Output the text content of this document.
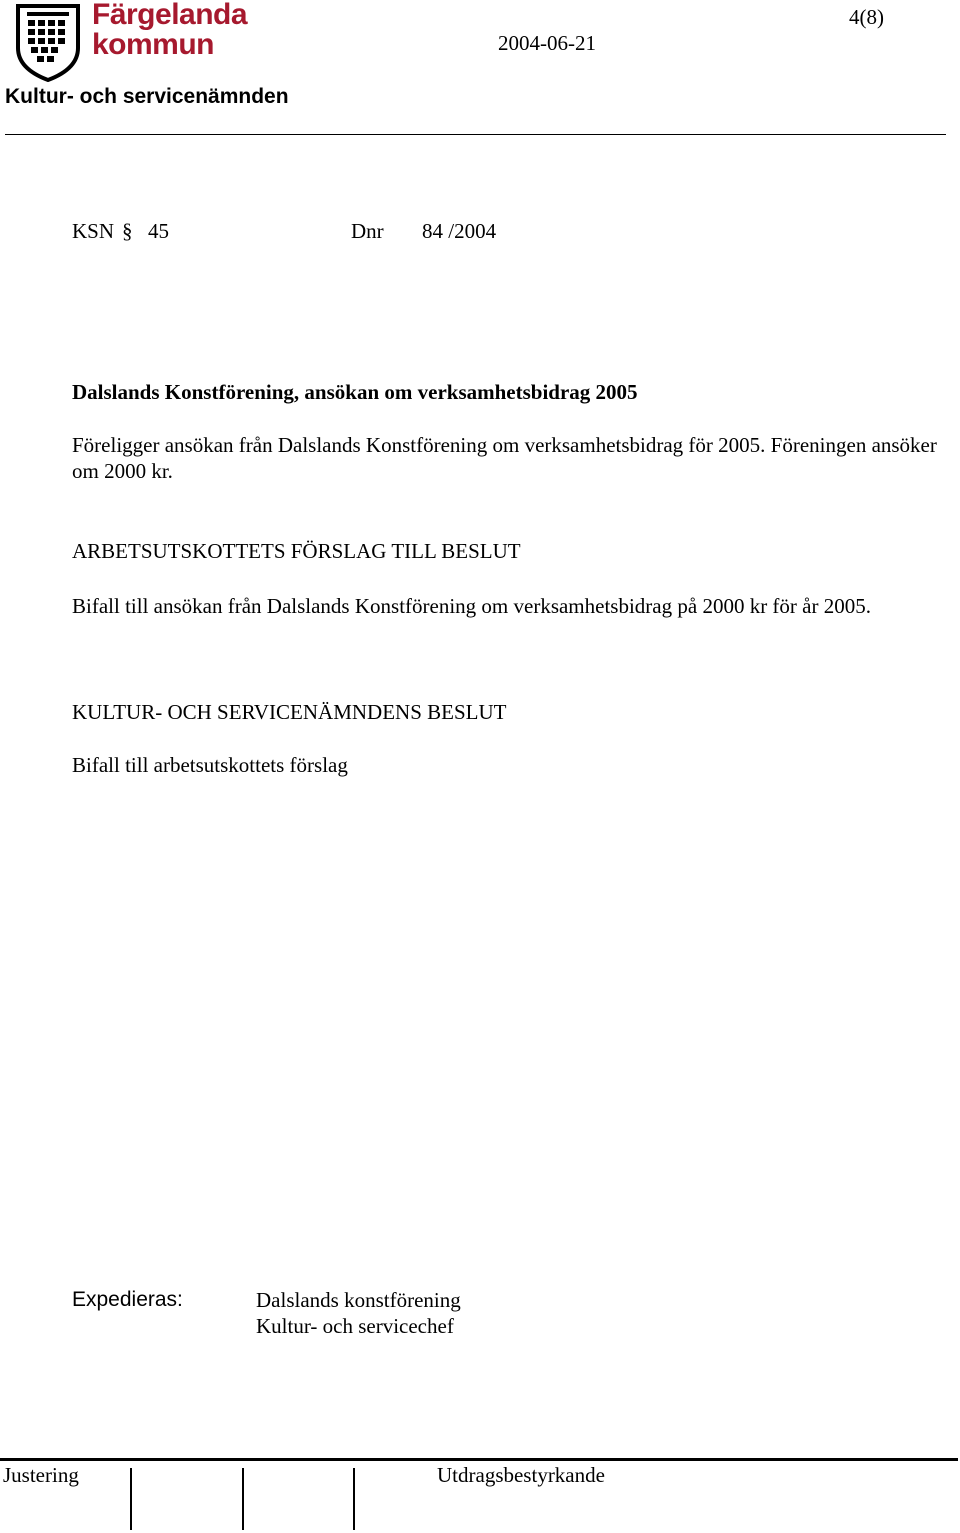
Färgelanda
kommun
4(8)
2004-06-21
Kultur- och servicenämnden
KSN § 45	Dnr 84 /2004
Dalslands Konstförening, ansökan om verksamhetsbidrag 2005
Föreligger ansökan från Dalslands Konstförening om verksamhetsbidrag för 2005. Föreningen ansöker om 2000 kr.
ARBETSUTSKOTTETS FÖRSLAG TILL BESLUT
Bifall till ansökan från Dalslands Konstförening om verksamhetsbidrag på 2000 kr för år 2005.
KULTUR- OCH SERVICENÄMNDENS BESLUT
Bifall till arbetsutskottets förslag
Expedieras:	Dalslands konstförening
Kultur- och servicechef
Justering	Utdragsbestyrkande
